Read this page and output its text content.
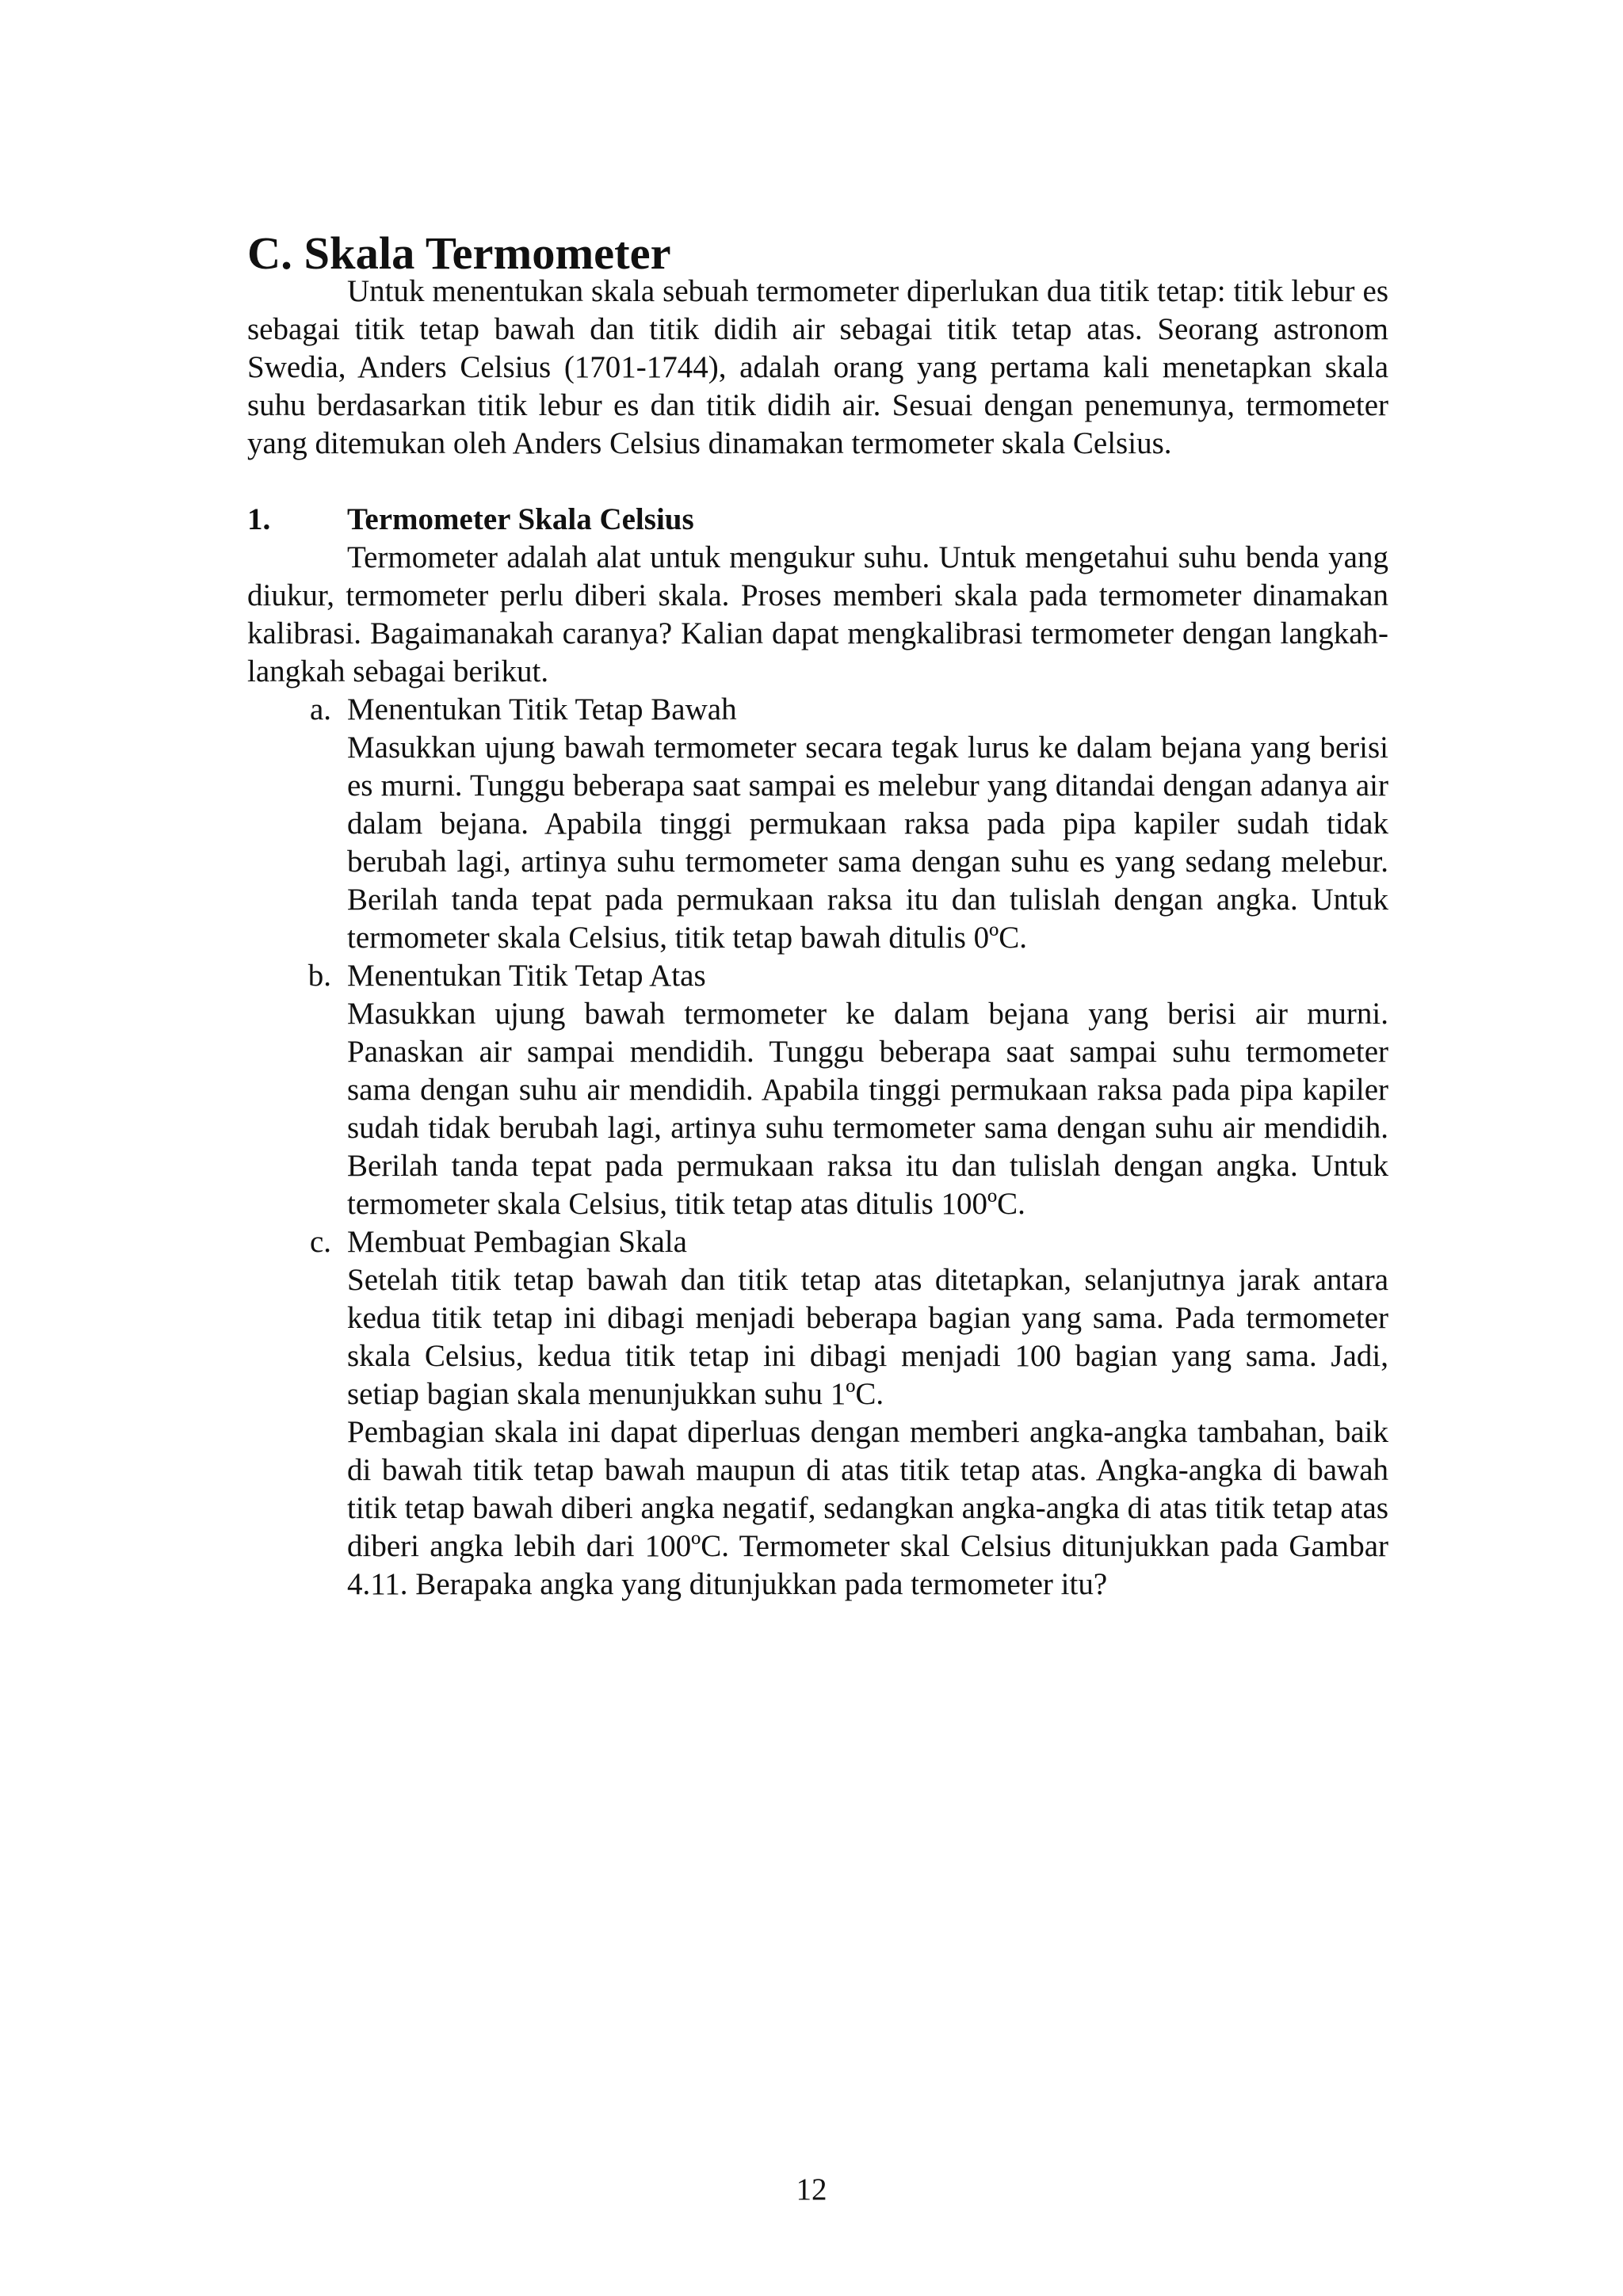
C. Skala Termometer

Untuk menentukan skala sebuah termometer diperlukan dua titik tetap: titik lebur es sebagai titik tetap bawah dan titik didih air sebagai titik tetap atas. Seorang astronom Swedia, Anders Celsius (1701-1744), adalah orang yang pertama kali menetapkan skala suhu berdasarkan titik lebur es dan titik didih air. Sesuai dengan penemunya, termometer yang ditemukan oleh Anders Celsius dinamakan termometer skala Celsius.

1.	Termometer Skala Celsius

Termometer adalah alat untuk mengukur suhu. Untuk mengetahui suhu benda yang diukur, termometer perlu diberi skala. Proses memberi skala pada termometer dinamakan kalibrasi. Bagaimanakah caranya? Kalian dapat mengkalibrasi termometer dengan langkah-langkah sebagai berikut.

a. Menentukan Titik Tetap Bawah

Masukkan ujung bawah termometer secara tegak lurus ke dalam bejana yang berisi es murni. Tunggu beberapa saat sampai es melebur yang ditandai dengan adanya air dalam bejana. Apabila tinggi permukaan raksa pada pipa kapiler sudah tidak berubah lagi, artinya suhu termometer sama dengan suhu es yang sedang melebur. Berilah tanda tepat pada permukaan raksa itu dan tulislah dengan angka. Untuk termometer skala Celsius, titik tetap bawah ditulis 0ºC.

b. Menentukan Titik Tetap Atas

Masukkan ujung bawah termometer ke dalam bejana yang berisi air murni. Panaskan air sampai mendidih. Tunggu beberapa saat sampai suhu termometer sama dengan suhu air mendidih. Apabila tinggi permukaan raksa pada pipa kapiler sudah tidak berubah lagi, artinya suhu termometer sama dengan suhu air mendidih. Berilah tanda tepat pada permukaan raksa itu dan tulislah dengan angka. Untuk termometer skala Celsius, titik tetap atas ditulis 100ºC.

c. Membuat Pembagian Skala

Setelah titik tetap bawah dan titik tetap atas ditetapkan, selanjutnya jarak antara kedua titik tetap ini dibagi menjadi beberapa bagian yang sama. Pada termometer skala Celsius, kedua titik tetap ini dibagi menjadi 100 bagian yang sama. Jadi, setiap bagian skala menunjukkan suhu 1ºC.

Pembagian skala ini dapat diperluas dengan memberi angka-angka tambahan, baik di bawah titik tetap bawah maupun di atas titik tetap atas. Angka-angka di bawah titik tetap bawah diberi angka negatif, sedangkan angka-angka di atas titik tetap atas diberi angka lebih dari 100ºC. Termometer skal Celsius ditunjukkan pada Gambar 4.11. Berapaka angka yang ditunjukkan pada termometer itu?

12
